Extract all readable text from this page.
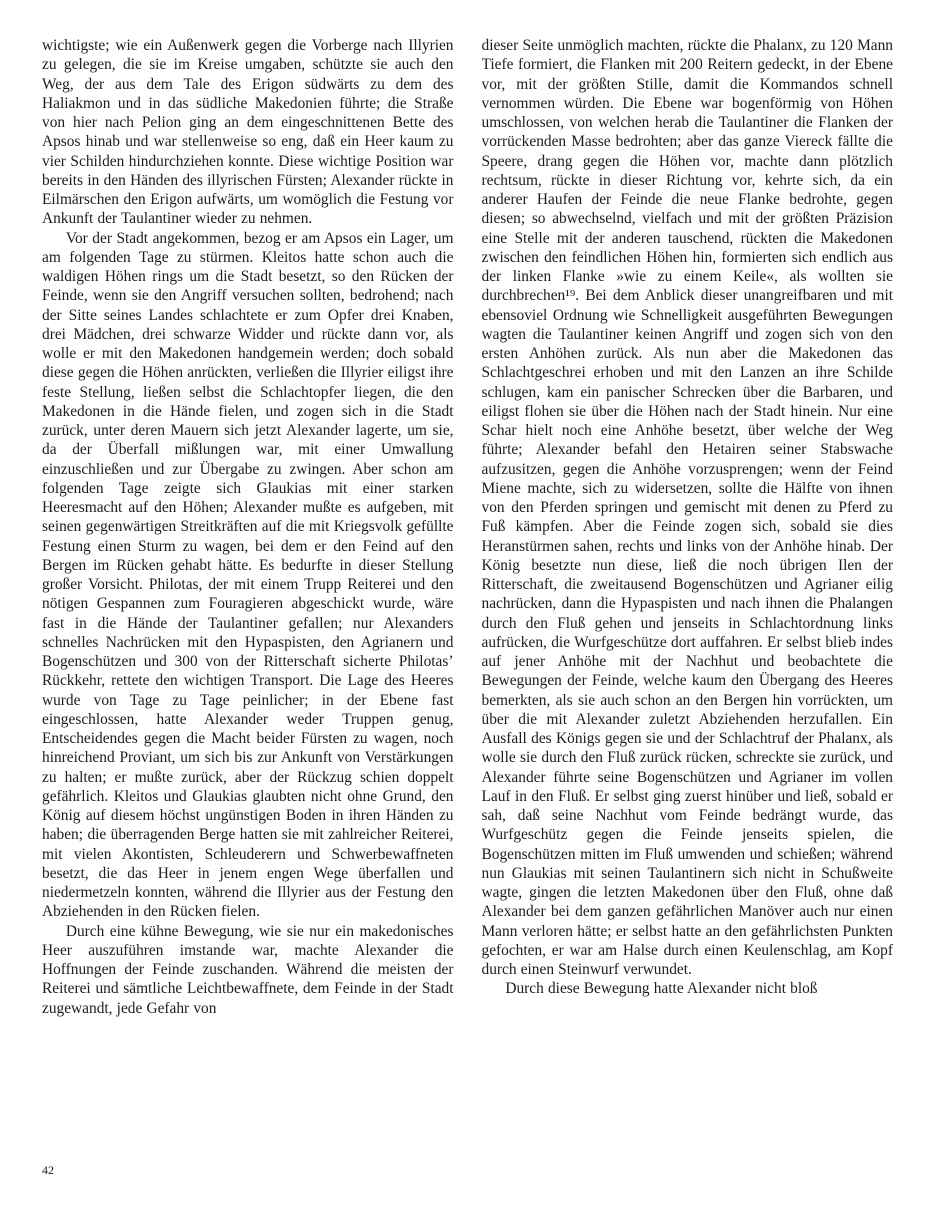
wichtigste; wie ein Außenwerk gegen die Vorberge nach Illyrien zu gelegen, die sie im Kreise umgaben, schützte sie auch den Weg, der aus dem Tale des Erigon südwärts zu dem des Haliakmon und in das südliche Makedonien führte; die Straße von hier nach Pelion ging an dem eingeschnittenen Bette des Apsos hinab und war stellenweise so eng, daß ein Heer kaum zu vier Schilden hindurchziehen konnte. Diese wichtige Position war bereits in den Händen des illyrischen Fürsten; Alexander rückte in Eilmärschen den Erigon aufwärts, um womöglich die Festung vor Ankunft der Taulantiner wieder zu nehmen.

Vor der Stadt angekommen, bezog er am Apsos ein Lager, um am folgenden Tage zu stürmen. Kleitos hatte schon auch die waldigen Höhen rings um die Stadt besetzt, so den Rücken der Feinde, wenn sie den Angriff versuchen sollten, bedrohend; nach der Sitte seines Landes schlachtete er zum Opfer drei Knaben, drei Mädchen, drei schwarze Widder und rückte dann vor, als wolle er mit den Makedonen handgemein werden; doch sobald diese gegen die Höhen anrückten, verließen die Illyrier eiligst ihre feste Stellung, ließen selbst die Schlachtopfer liegen, die den Makedonen in die Hände fielen, und zogen sich in die Stadt zurück, unter deren Mauern sich jetzt Alexander lagerte, um sie, da der Überfall mißlungen war, mit einer Umwallung einzuschließen und zur Übergabe zu zwingen. Aber schon am folgenden Tage zeigte sich Glaukias mit einer starken Heeresmacht auf den Höhen; Alexander mußte es aufgeben, mit seinen gegenwärtigen Streitkräften auf die mit Kriegsvolk gefüllte Festung einen Sturm zu wagen, bei dem er den Feind auf den Bergen im Rücken gehabt hätte. Es bedurfte in dieser Stellung großer Vorsicht. Philotas, der mit einem Trupp Reiterei und den nötigen Gespannen zum Fouragieren abgeschickt wurde, wäre fast in die Hände der Taulantiner gefallen; nur Alexanders schnelles Nachrücken mit den Hypaspisten, den Agrianern und Bogenschützen und 300 von der Ritterschaft sicherte Philotas’ Rückkehr, rettete den wichtigen Transport. Die Lage des Heeres wurde von Tage zu Tage peinlicher; in der Ebene fast eingeschlossen, hatte Alexander weder Truppen genug, Entscheidendes gegen die Macht beider Fürsten zu wagen, noch hinreichend Proviant, um sich bis zur Ankunft von Verstärkungen zu halten; er mußte zurück, aber der Rückzug schien doppelt gefährlich. Kleitos und Glaukias glaubten nicht ohne Grund, den König auf diesem höchst ungünstigen Boden in ihren Händen zu haben; die überragenden Berge hatten sie mit zahlreicher Reiterei, mit vielen Akontisten, Schleuderern und Schwerbewaffneten besetzt, die das Heer in jenem engen Wege überfallen und niedermetzeln konnten, während die Illyrier aus der Festung den Abziehenden in den Rücken fielen.

Durch eine kühne Bewegung, wie sie nur ein makedonisches Heer auszuführen imstande war, machte Alexander die Hoffnungen der Feinde zuschanden. Während die meisten der Reiterei und sämtliche Leichtbewaffnete, dem Feinde in der Stadt zugewandt, jede Gefahr von

dieser Seite unmöglich machten, rückte die Phalanx, zu 120 Mann Tiefe formiert, die Flanken mit 200 Reitern gedeckt, in der Ebene vor, mit der größten Stille, damit die Kommandos schnell vernommen würden. Die Ebene war bogenförmig von Höhen umschlossen, von welchen herab die Taulantiner die Flanken der vorrückenden Masse bedrohten; aber das ganze Viereck fällte die Speere, drang gegen die Höhen vor, machte dann plötzlich rechtsum, rückte in dieser Richtung vor, kehrte sich, da ein anderer Haufen der Feinde die neue Flanke bedrohte, gegen diesen; so abwechselnd, vielfach und mit der größten Präzision eine Stelle mit der anderen tauschend, rückten die Makedonen zwischen den feindlichen Höhen hin, formierten sich endlich aus der linken Flanke »wie zu einem Keile«, als wollten sie durchbrechen¹⁹. Bei dem Anblick dieser unangreifbaren und mit ebensoviel Ordnung wie Schnelligkeit ausgeführten Bewegungen wagten die Taulantiner keinen Angriff und zogen sich von den ersten Anhöhen zurück. Als nun aber die Makedonen das Schlachtgeschrei erhoben und mit den Lanzen an ihre Schilde schlugen, kam ein panischer Schrecken über die Barbaren, und eiligst flohen sie über die Höhen nach der Stadt hinein. Nur eine Schar hielt noch eine Anhöhe besetzt, über welche der Weg führte; Alexander befahl den Hetairen seiner Stabswache aufzusitzen, gegen die Anhöhe vorzusprengen; wenn der Feind Miene machte, sich zu widersetzen, sollte die Hälfte von ihnen von den Pferden springen und gemischt mit denen zu Pferd zu Fuß kämpfen. Aber die Feinde zogen sich, sobald sie dies Heranstürmen sahen, rechts und links von der Anhöhe hinab. Der König besetzte nun diese, ließ die noch übrigen Ilen der Ritterschaft, die zweitausend Bogenschützen und Agrianer eilig nachrücken, dann die Hypaspisten und nach ihnen die Phalangen durch den Fluß gehen und jenseits in Schlachtordnung links aufrücken, die Wurfgeschütze dort auffahren. Er selbst blieb indes auf jener Anhöhe mit der Nachhut und beobachtete die Bewegungen der Feinde, welche kaum den Übergang des Heeres bemerkten, als sie auch schon an den Bergen hin vorrückten, um über die mit Alexander zuletzt Abziehenden herzufallen. Ein Ausfall des Königs gegen sie und der Schlachtruf der Phalanx, als wolle sie durch den Fluß zurück rücken, schreckte sie zurück, und Alexander führte seine Bogenschützen und Agrianer im vollen Lauf in den Fluß. Er selbst ging zuerst hinüber und ließ, sobald er sah, daß seine Nachhut vom Feinde bedrängt wurde, das Wurfgeschütz gegen die Feinde jenseits spielen, die Bogenschützen mitten im Fluß umwenden und schießen; während nun Glaukias mit seinen Taulantinern sich nicht in Schußweite wagte, gingen die letzten Makedonen über den Fluß, ohne daß Alexander bei dem ganzen gefährlichen Manöver auch nur einen Mann verloren hätte; er selbst hatte an den gefährlichsten Punkten gefochten, er war am Halse durch einen Keulenschlag, am Kopf durch einen Steinwurf verwundet.

Durch diese Bewegung hatte Alexander nicht bloß

42
